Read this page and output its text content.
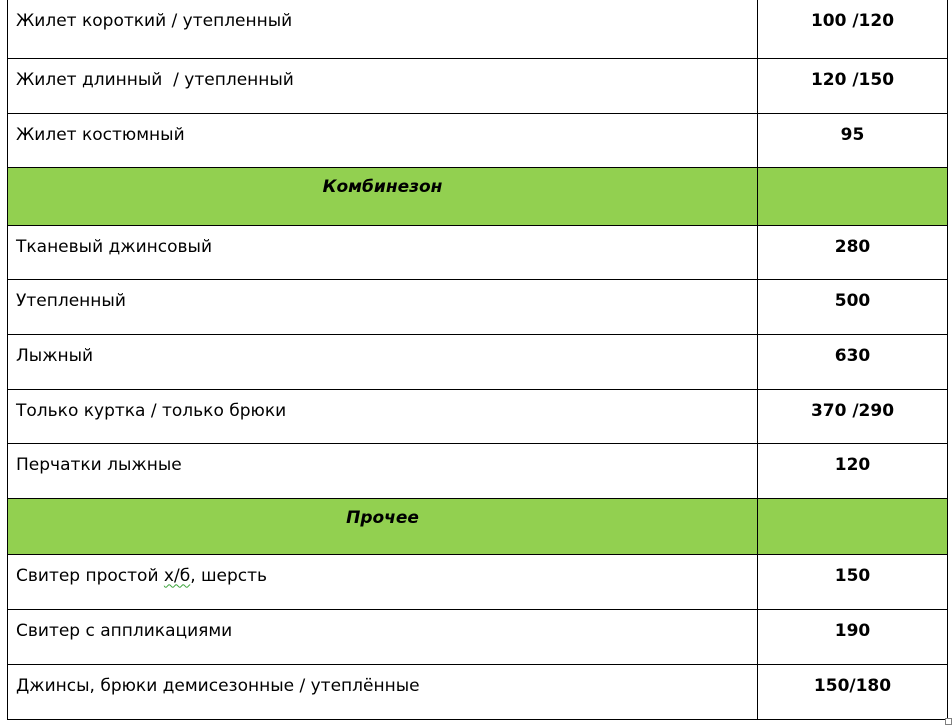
Жилет короткий / утепленный	100 /120
Жилет длинный  / утепленный	120 /150
Жилет костюмный	95
Комбинезон	
Тканевый джинсовый	280
Утепленный	500
Лыжный	630
Только куртка / только брюки	370 /290
Перчатки лыжные	120
Прочее	
Свитер простой х/б, шерсть	150
Свитер с аппликациями	190
Джинсы, брюки демисезонные / утеплённые	150/180
